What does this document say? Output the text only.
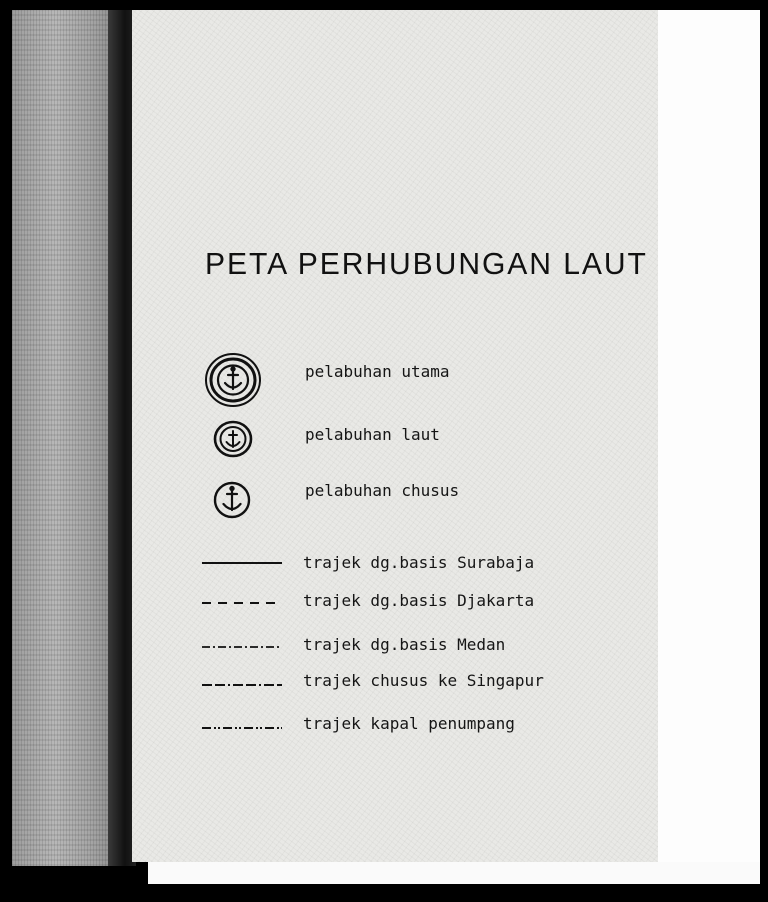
PETA PERHUBUNGAN LAUT
pelabuhan utama
pelabuhan laut
pelabuhan chusus
trajek dg.basis Surabaja
trajek dg.basis Djakarta
trajek dg.basis Medan
trajek chusus ke Singapur
trajek kapal penumpang
